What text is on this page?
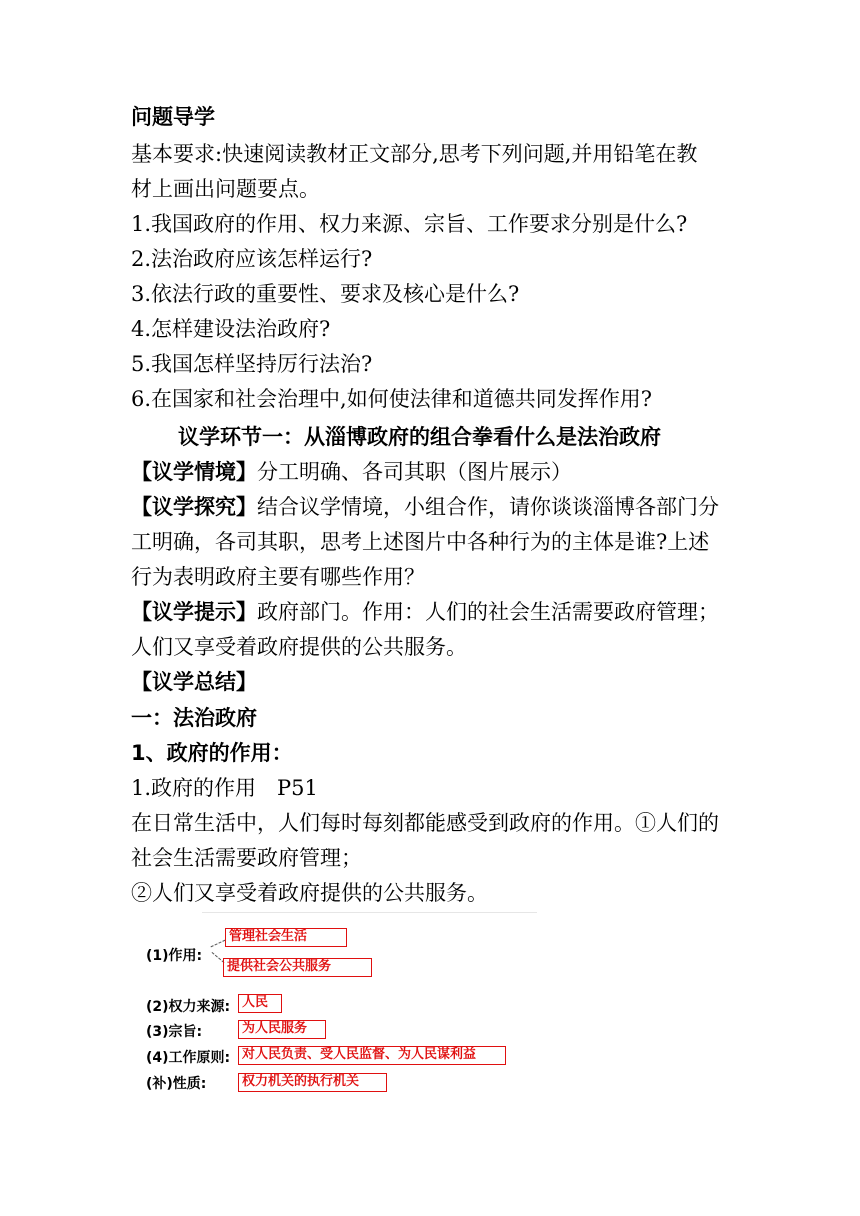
问题导学
基本要求:快速阅读教材正文部分,思考下列问题,并用铅笔在教
材上画出问题要点。
1.我国政府的作用、权力来源、宗旨、工作要求分别是什么?
2.法治政府应该怎样运行?
3.依法行政的重要性、要求及核心是什么?
4.怎样建设法治政府?
5.我国怎样坚持厉行法治?
6.在国家和社会治理中,如何使法律和道德共同发挥作用?
议学环节一：从淄博政府的组合拳看什么是法治政府
【议学情境】分工明确、各司其职（图片展示）
【议学探究】结合议学情境，小组合作，请你谈谈淄博各部门分
工明确，各司其职，思考上述图片中各种行为的主体是谁?上述
行为表明政府主要有哪些作用？
【议学提示】政府部门。作用：人们的社会生活需要政府管理；
人们又享受着政府提供的公共服务。
【议学总结】
一：法治政府
1、政府的作用：
1.政府的作用　P51
在日常生活中，人们每时每刻都能感受到政府的作用。①人们的
社会生活需要政府管理；
②人们又享受着政府提供的公共服务。
(1)作用:
管理社会生活
提供社会公共服务
(2)权力来源: 人民
(3)宗旨:	为人民服务
(4)工作原则: 对人民负责、受人民监督、为人民谋利益
(补)性质:	权力机关的执行机关
